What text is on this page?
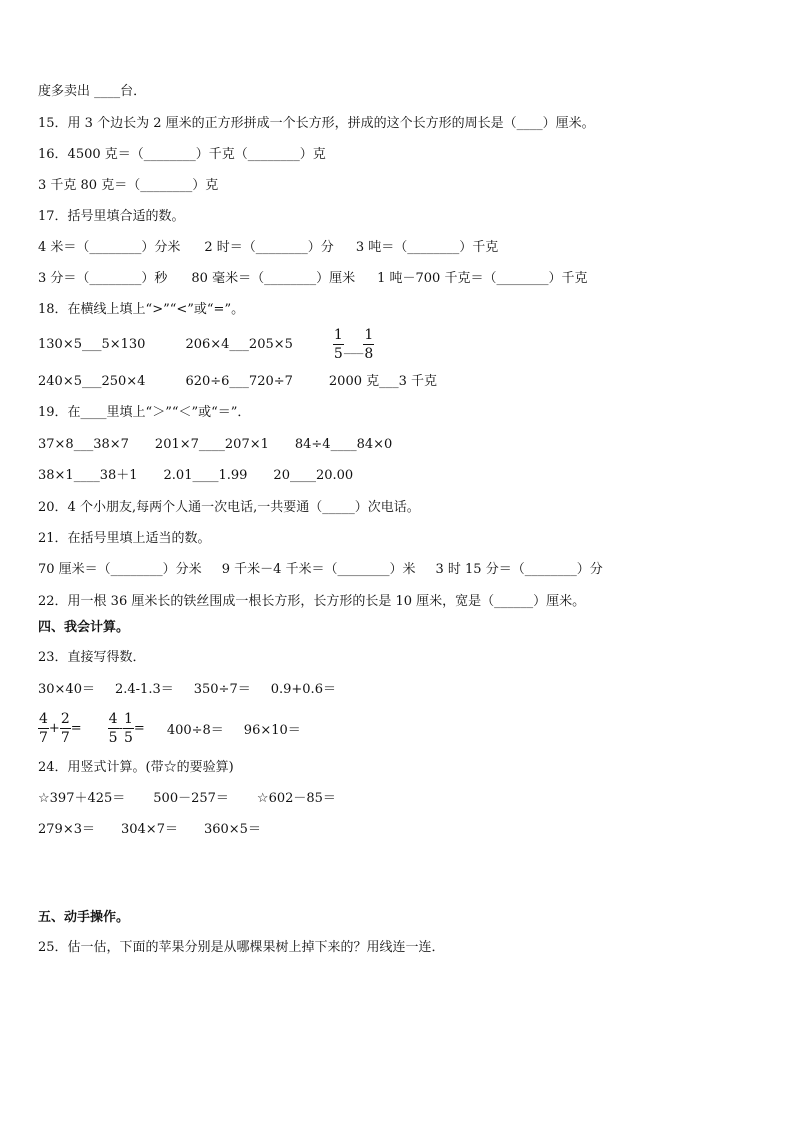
度多卖出 ____台．
15．用 3 个边长为 2 厘米的正方形拼成一个长方形，拼成的这个长方形的周长是（____）厘米。
16．4500 克＝（________）千克（________）克
3 千克 80 克＝（________）克
17．括号里填合适的数。
4 米＝（________）分米 2 时＝（________）分 3 吨＝（________）千克
3 分＝（________）秒 80 毫米＝（________）厘米 1 吨－700 千克＝（________）千克
18．在横线上填上“>”“<”或“=”。
130×5___5×130	206×4___205×5	$\frac{1}{5}$ ___ $\frac{1}{8}$
240×5___250×4	620÷6___720÷7	2000 克___3 千克
19．在____里填上“＞”“＜”或“＝”．
37×8___38×7 201×7____207×1 84÷4____84×0
38×1____38＋1 2.01____1.99 20____20.00
20．4 个小朋友,每两个人通一次电话,一共要通（_____）次电话。
21．在括号里填上适当的数。
70 厘米＝（________）分米 9 千米－4 千米＝（________）米 3 时 15 分＝（________）分
22．用一根 36 厘米长的铁丝围成一根长方形，长方形的长是 10 厘米，宽是（______）厘米。
四、我会计算。
23．直接写得数．
30×40＝ 2.4-1.3＝ 350÷7＝ 0.9+0.6＝
$\frac{4}{7} + \frac{2}{7} = \frac{4}{5} - \frac{1}{5} = 400\div 8= 96\times 10=$
24．用竖式计算。(带☆的要验算)
☆397＋425＝ 500－257＝ ☆602－85＝
279×3＝ 304×7＝ 360×5＝
五、动手操作。
25．估一估，下面的苹果分别是从哪棵果树上掉下来的？用线连一连．
